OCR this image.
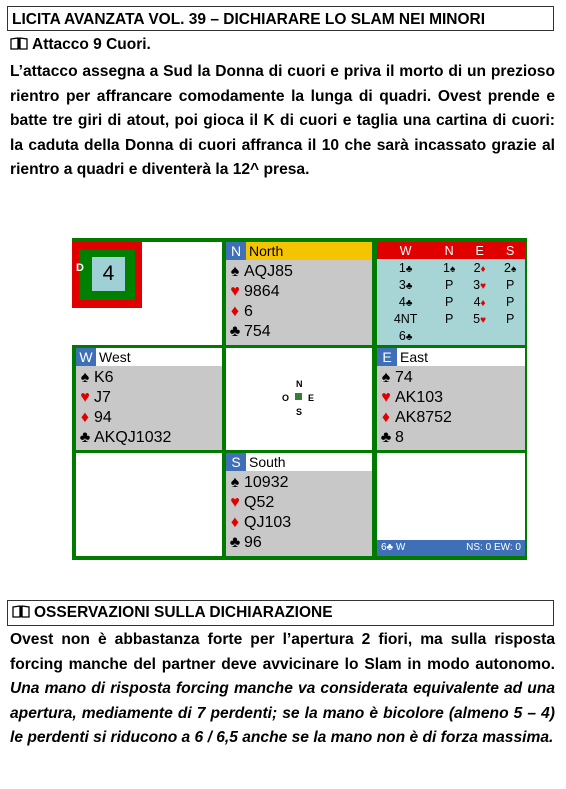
LICITA AVANZATA VOL. 39 – DICHIARARE LO SLAM NEI MINORI
Attacco 9 Cuori.
L’attacco assegna a Sud la Donna di cuori e priva il morto di un prezioso rientro per affrancare comodamente la lunga di quadri. Ovest prende e batte tre giri di atout, poi gioca il K di cuori e taglia una cartina di cuori: la caduta della Donna di cuori affranca il 10 che sarà incassato grazie al rientro a quadri e diventerà la 12^ presa.
D 4
N North
♠ AQJ85
♥ 9864
♦ 6
♣ 754
W	N	E	S
1♣	1♠	2♦	2♠
3♣	P	3♥	P
4♣	P	4♦	P
4NT	P	5♥	P
6♣			
W West
♠ K6
♥ J7
♦ 94
♣ AKQJ1032
N
O E
S
E East
♠ 74
♥ AK103
♦ AK8752
♣ 8
S South
♠ 10932
♥ Q52
♦ QJ103
♣ 96	6♣ W	NS: 0 EW: 0
OSSERVAZIONI SULLA DICHIARAZIONE
Ovest non è abbastanza forte per l’apertura 2 fiori, ma sulla risposta forcing manche del partner deve avvicinare lo Slam in modo autonomo. Una mano di risposta forcing manche va considerata equivalente ad una apertura, mediamente di 7 perdenti; se la mano è bicolore (almeno 5 – 4) le perdenti si riducono a 6 / 6,5 anche se la mano non è di forza massima.
